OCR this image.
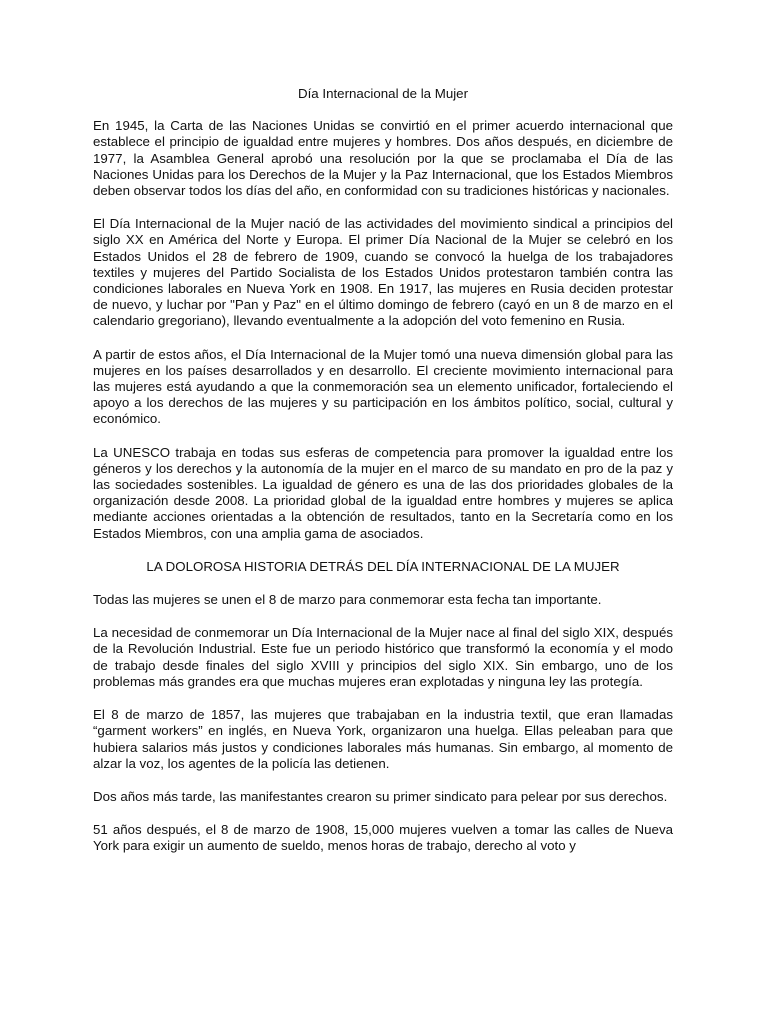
Día Internacional de la Mujer

En 1945, la Carta de las Naciones Unidas se convirtió en el primer acuerdo internacional que establece el principio de igualdad entre mujeres y hombres. Dos años después, en diciembre de 1977, la Asamblea General aprobó una resolución por la que se proclamaba el Día de las Naciones Unidas para los Derechos de la Mujer y la Paz Internacional, que los Estados Miembros deben observar todos los días del año, en conformidad con su tradiciones históricas y nacionales.

El Día Internacional de la Mujer nació de las actividades del movimiento sindical a principios del siglo XX en América del Norte y Europa. El primer Día Nacional de la Mujer se celebró en los Estados Unidos el 28 de febrero de 1909, cuando se convocó la huelga de los trabajadores textiles y mujeres del Partido Socialista de los Estados Unidos protestaron también contra las condiciones laborales en Nueva York en 1908. En 1917, las mujeres en Rusia deciden protestar de nuevo, y luchar por "Pan y Paz" en el último domingo de febrero (cayó en un 8 de marzo en el calendario gregoriano), llevando eventualmente a la adopción del voto femenino en Rusia.

A partir de estos años, el Día Internacional de la Mujer tomó una nueva dimensión global para las mujeres en los países desarrollados y en desarrollo. El creciente movimiento internacional para las mujeres está ayudando a que la conmemoración sea un elemento unificador, fortaleciendo el apoyo a los derechos de las mujeres y su participación en los ámbitos político, social, cultural y económico.

La UNESCO trabaja en todas sus esferas de competencia para promover la igualdad entre los géneros y los derechos y la autonomía de la mujer en el marco de su mandato en pro de la paz y las sociedades sostenibles. La igualdad de género es una de las dos prioridades globales de la organización desde 2008. La prioridad global de la igualdad entre hombres y mujeres se aplica mediante acciones orientadas a la obtención de resultados, tanto en la Secretaría como en los Estados Miembros, con una amplia gama de asociados.

LA DOLOROSA HISTORIA DETRÁS DEL DÍA INTERNACIONAL DE LA MUJER

Todas las mujeres se unen el 8 de marzo para conmemorar esta fecha tan importante.

La necesidad de conmemorar un Día Internacional de la Mujer nace al final del siglo XIX, después de la Revolución Industrial. Este fue un periodo histórico que transformó la economía y el modo de trabajo desde finales del siglo XVIII y principios del siglo XIX. Sin embargo, uno de los problemas más grandes era que muchas mujeres eran explotadas y ninguna ley las protegía.

El 8 de marzo de 1857, las mujeres que trabajaban en la industria textil, que eran llamadas “garment workers” en inglés, en Nueva York, organizaron una huelga. Ellas peleaban para que hubiera salarios más justos y condiciones laborales más humanas. Sin embargo, al momento de alzar la voz, los agentes de la policía las detienen.

Dos años más tarde, las manifestantes crearon su primer sindicato para pelear por sus derechos.

51 años después, el 8 de marzo de 1908, 15,000 mujeres vuelven a tomar las calles de Nueva York para exigir un aumento de sueldo, menos horas de trabajo, derecho al voto y
